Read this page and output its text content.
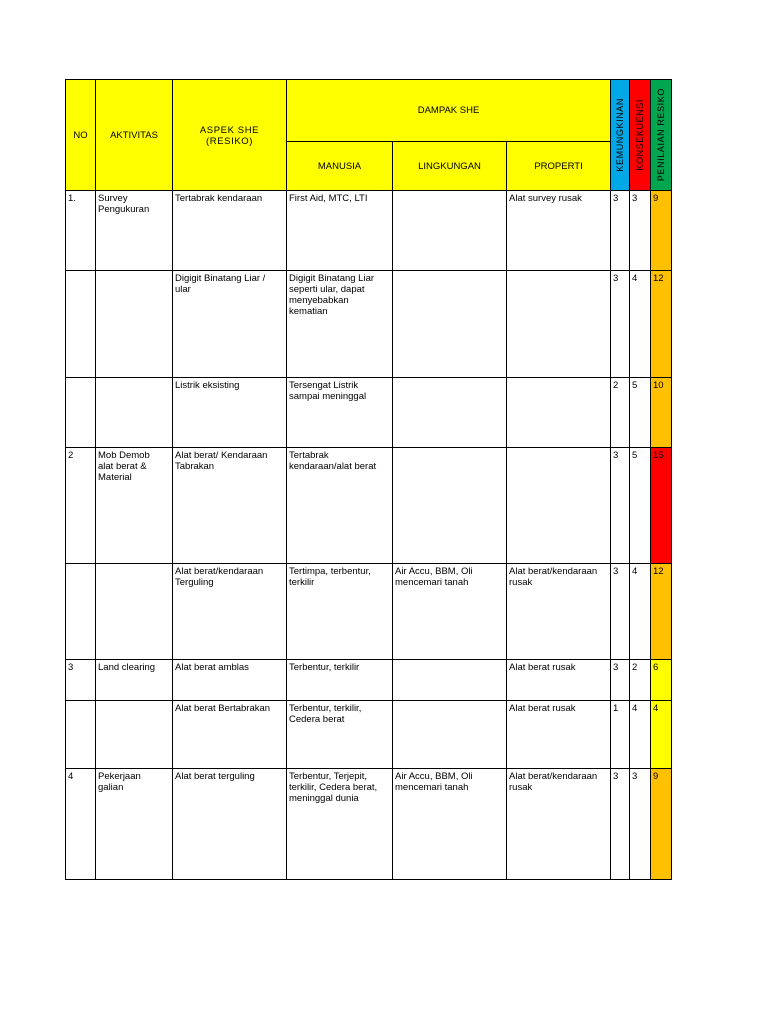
NO	AKTIVITAS	ASPEK SHE
(RESIKO)	DAMPAK SHE			KEMUNGKINAN	KONSEKUENSI	PENILAIAN RESIKO

			MANUSIA	LINGKUNGAN	PROPERTI			

1.	Survey
Pengukuran	Tertabrak kendaraan	First Aid, MTC, LTI		Alat survey rusak	3	3	9

		Digigit Binatang Liar /
ular	Digigit Binatang Liar
seperti ular, dapat
menyebabkan
kematian			3	4	12

		Listrik eksisting	Tersengat Listrik
sampai meninggal			2	5	10

2	Mob Demob
alat berat &
Material	Alat berat/ Kendaraan
Tabrakan	Tertabrak
kendaraan/alat berat			3	5	15

		Alat berat/kendaraan
Terguling	Tertimpa, terbentur,
terkilir	Air Accu, BBM, Oli
mencemari tanah	Alat berat/kendaraan
rusak	3	4	12

3	Land clearing	Alat berat amblas	Terbentur, terkilir		Alat berat rusak	3	2	6

		Alat berat Bertabrakan	Terbentur, terkilir,
Cedera berat		Alat berat rusak	1	4	4

4	Pekerjaan
galian	Alat berat terguling	Terbentur, Terjepit,
terkilir, Cedera berat,
meninggal dunia	Air Accu, BBM, Oli
mencemari tanah	Alat berat/kendaraan
rusak	3	3	9
